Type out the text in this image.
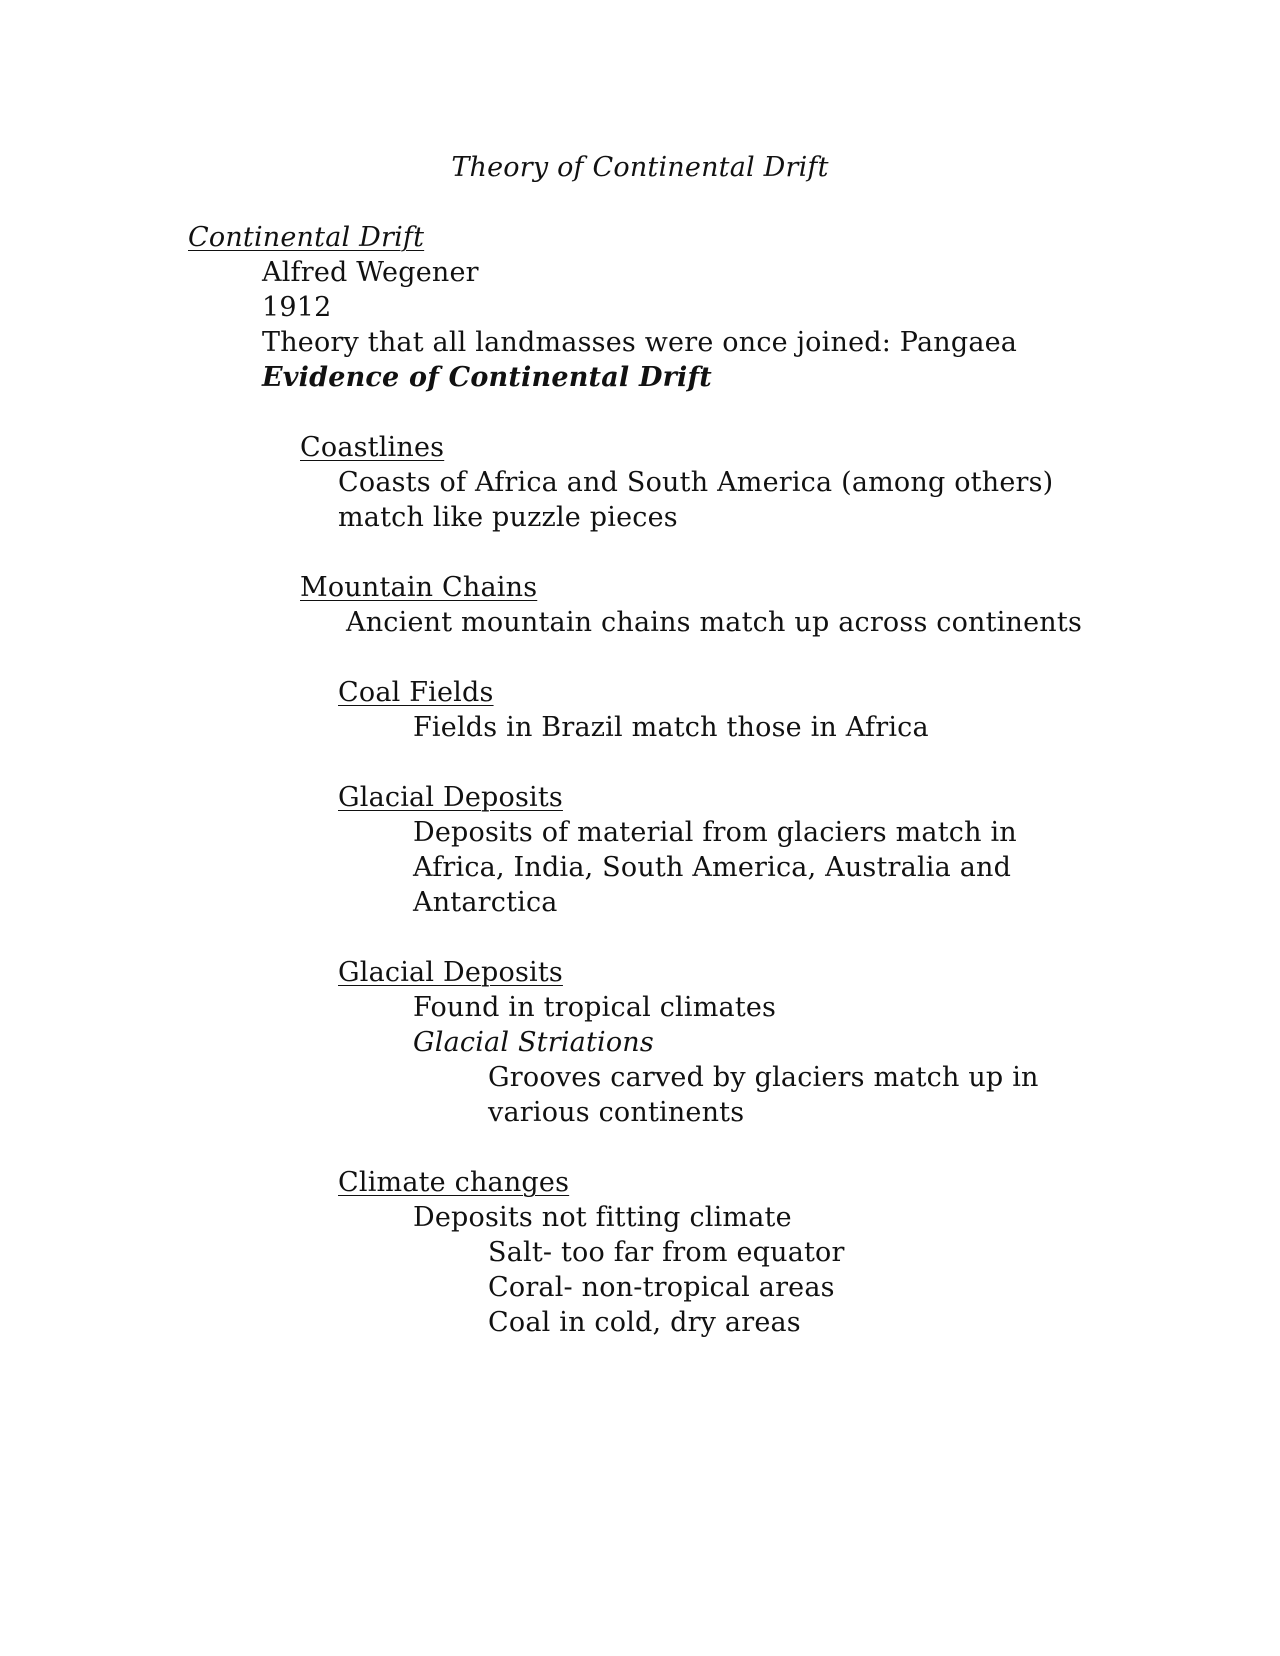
Theory of Continental Drift
Continental Drift
Alfred Wegener
1912
Theory that all landmasses were once joined: Pangaea
Evidence of Continental Drift
Coastlines
Coasts of Africa and South America (among others)
match like puzzle pieces
Mountain Chains
Ancient mountain chains match up across continents
Coal Fields
Fields in Brazil match those in Africa
Glacial Deposits
Deposits of material from glaciers match in
Africa, India, South America, Australia and
Antarctica
Glacial Deposits
Found in tropical climates
Glacial Striations
Grooves carved by glaciers match up in
various continents
Climate changes
Deposits not fitting climate
Salt- too far from equator
Coral- non-tropical areas
Coal in cold, dry areas
